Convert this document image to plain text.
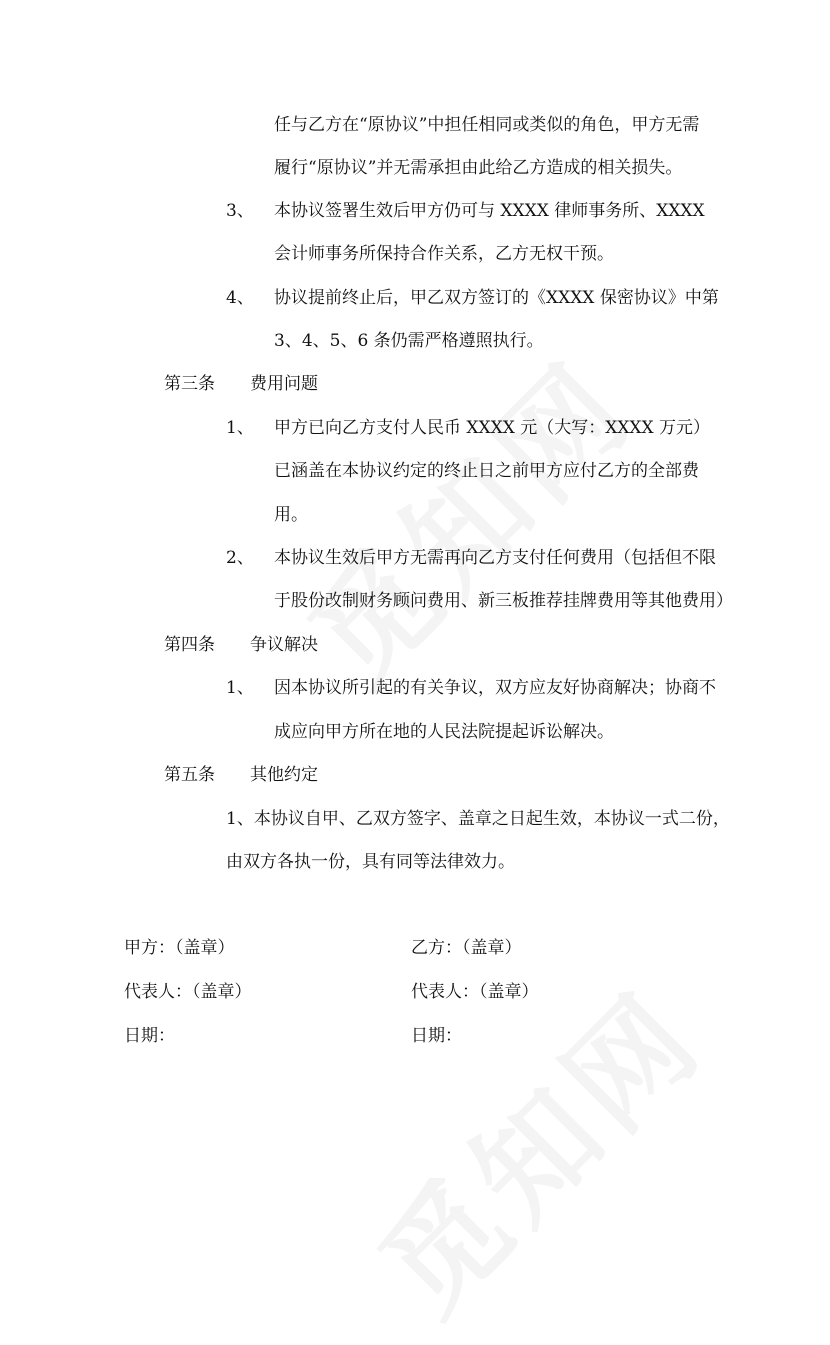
任与乙方在“原协议”中担任相同或类似的角色，甲方无需
履行“原协议”并无需承担由此给乙方造成的相关损失。
3、 本协议签署生效后甲方仍可与 XXXX 律师事务所、XXXX
会计师事务所保持合作关系，乙方无权干预。
4、 协议提前终止后，甲乙双方签订的《XXXX 保密协议》中第
3、4、5、6 条仍需严格遵照执行。
第三条 费用问题
1、 甲方已向乙方支付人民币 XXXX 元（大写：XXXX 万元）
已涵盖在本协议约定的终止日之前甲方应付乙方的全部费
用。
2、 本协议生效后甲方无需再向乙方支付任何费用（包括但不限
于股份改制财务顾问费用、新三板推荐挂牌费用等其他费用）
第四条 争议解决
1、 因本协议所引起的有关争议，双方应友好协商解决；协商不
成应向甲方所在地的人民法院提起诉讼解决。
第五条 其他约定
1、本协议自甲、乙双方签字、盖章之日起生效，本协议一式二份，
由双方各执一份，具有同等法律效力。
甲方：（盖章）	乙方：（盖章）
代表人：（盖章）	代表人：（盖章）
日期：	日期：
